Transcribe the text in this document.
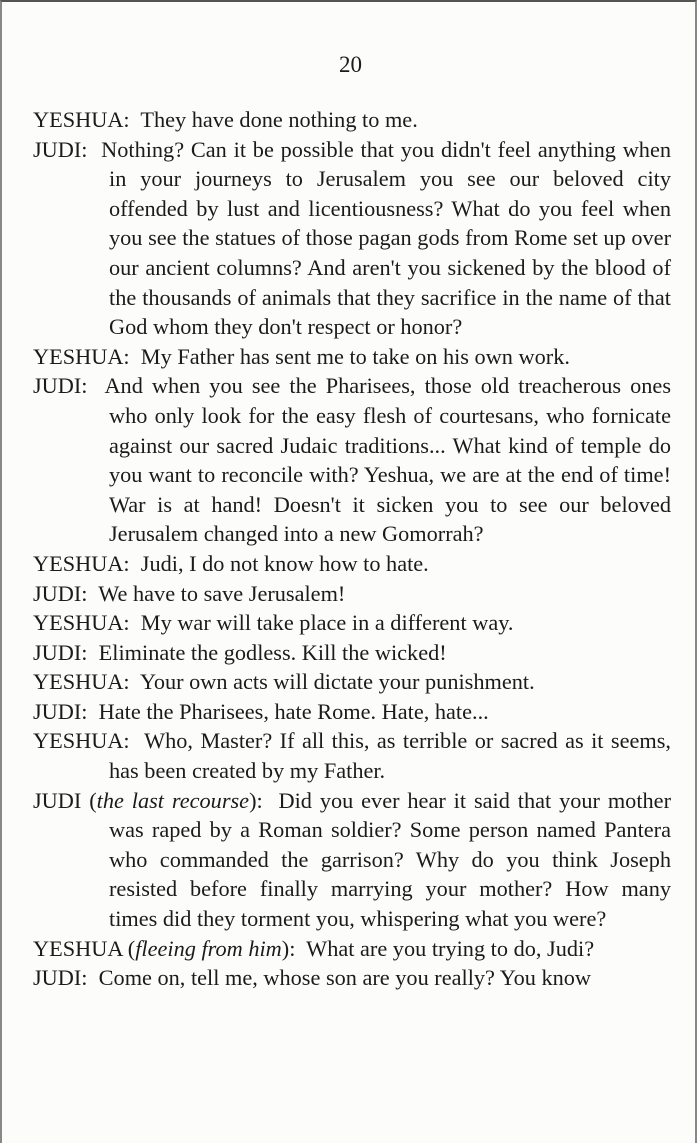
20

YESHUA: They have done nothing to me.

JUDI: Nothing? Can it be possible that you didn't feel anything when in your journeys to Jerusalem you see our beloved city offended by lust and licentiousness? What do you feel when you see the statues of those pagan gods from Rome set up over our ancient columns? And aren't you sickened by the blood of the thousands of animals that they sacrifice in the name of that God whom they don't respect or honor?

YESHUA: My Father has sent me to take on his own work.

JUDI: And when you see the Pharisees, those old treacherous ones who only look for the easy flesh of courtesans, who fornicate against our sacred Judaic traditions... What kind of temple do you want to reconcile with? Yeshua, we are at the end of time! War is at hand! Doesn't it sicken you to see our beloved Jerusalem changed into a new Gomorrah?

YESHUA: Judi, I do not know how to hate.

JUDI: We have to save Jerusalem!

YESHUA: My war will take place in a different way.

JUDI: Eliminate the godless. Kill the wicked!

YESHUA: Your own acts will dictate your punishment.

JUDI: Hate the Pharisees, hate Rome. Hate, hate...

YESHUA: Who, Master? If all this, as terrible or sacred as it seems, has been created by my Father.

JUDI (the last recourse): Did you ever hear it said that your mother was raped by a Roman soldier? Some person named Pantera who commanded the garrison? Why do you think Joseph resisted before finally marrying your mother? How many times did they torment you, whispering what you were?

YESHUA (fleeing from him): What are you trying to do, Judi?

JUDI: Come on, tell me, whose son are you really? You know
